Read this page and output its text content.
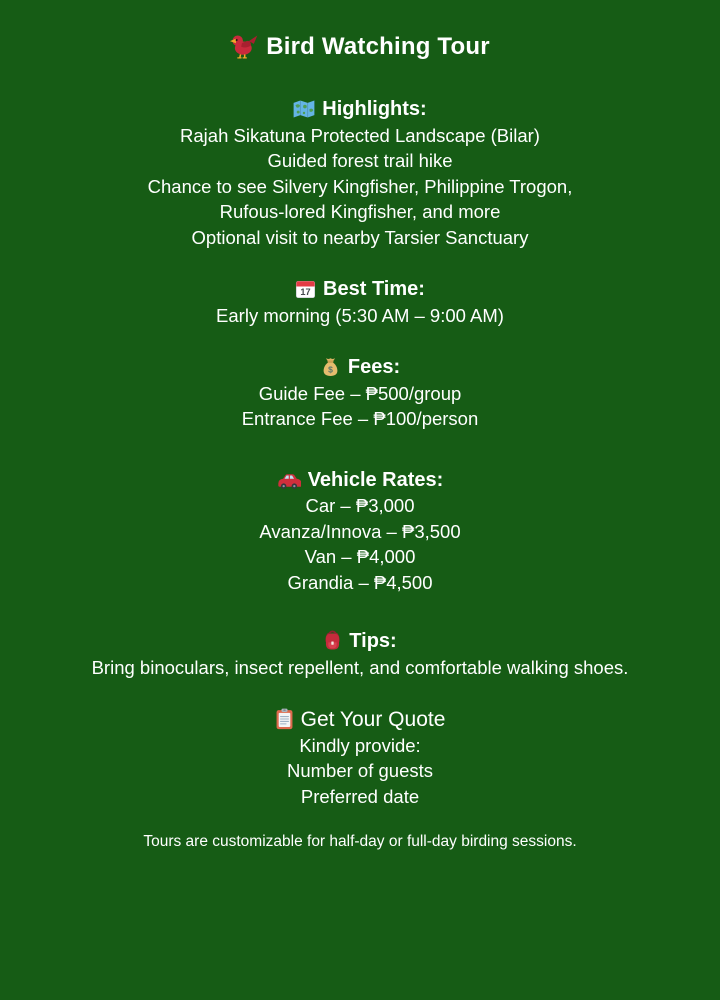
Bird Watching Tour
Highlights:
Rajah Sikatuna Protected Landscape (Bilar)
Guided forest trail hike
Chance to see Silvery Kingfisher, Philippine Trogon,
Rufous-lored Kingfisher, and more
Optional visit to nearby Tarsier Sanctuary
17 Best Time:
Early morning (5:30 AM – 9:00 AM)
$ Fees:
Guide Fee – ₱500/group
Entrance Fee – ₱100/person
Vehicle Rates:
Car – ₱3,000
Avanza/Innova – ₱3,500
Van – ₱4,000
Grandia – ₱4,500
Tips:
Bring binoculars, insect repellent, and comfortable walking shoes.
Get Your Quote
Kindly provide:
Number of guests
Preferred date
Tours are customizable for half-day or full-day birding sessions.
